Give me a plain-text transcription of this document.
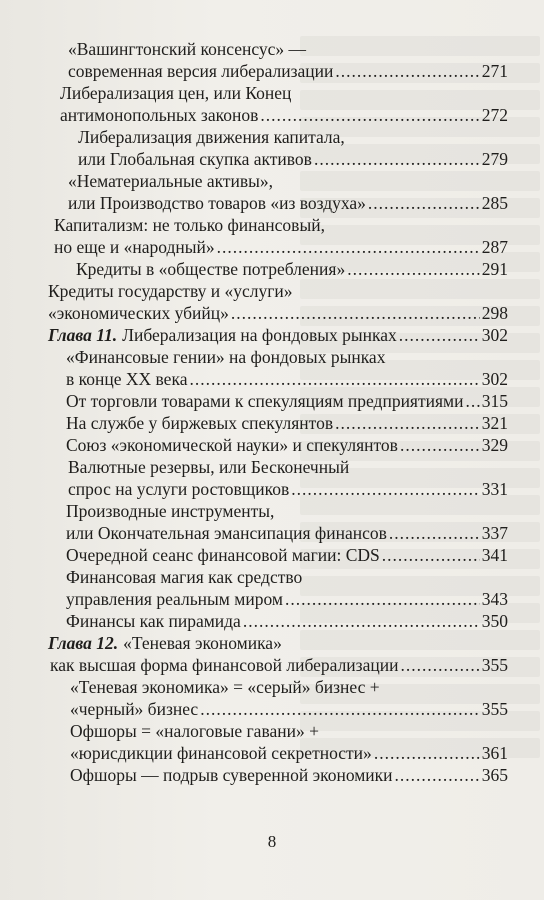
«Вашингтонский консенсус» —
современная версия либерализации .....	271
Либерализация цен, или Конец
антимонопольных законов .....	272
Либерализация движения капитала,
или Глобальная скупка активов .....	279
«Нематериальные активы»,
или Производство товаров «из воздуха» .....	285
Капитализм: не только финансовый,
но еще и «народный» .....	287
Кредиты в «обществе потребления» .....	291
Кредиты государству и «услуги»
«экономических убийц» .....	298
Глава 11. Либерализация на фондовых рынках .....	302
«Финансовые гении» на фондовых рынках
в конце XX века .....	302
От торговли товарами к спекуляциям предприятиями ..... 315
На службе у биржевых спекулянтов .....	321
Союз «экономической науки» и спекулянтов .....	329
Валютные резервы, или Бесконечный
спрос на услуги ростовщиков .....	331
Производные инструменты,
или Окончательная эмансипация финансов .....	337
Очередной сеанс финансовой магии: CDS .....	341
Финансовая магия как средство
управления реальным миром .....	343
Финансы как пирамида .....	350
Глава 12. «Теневая экономика»
как высшая форма финансовой либерализации .....	355
«Теневая экономика» = «серый» бизнес +
«черный» бизнес .....	355
Офшоры = «налоговые гавани» +
«юрисдикции финансовой секретности» .....	361
Офшоры — подрыв суверенной экономики .....	365
8
